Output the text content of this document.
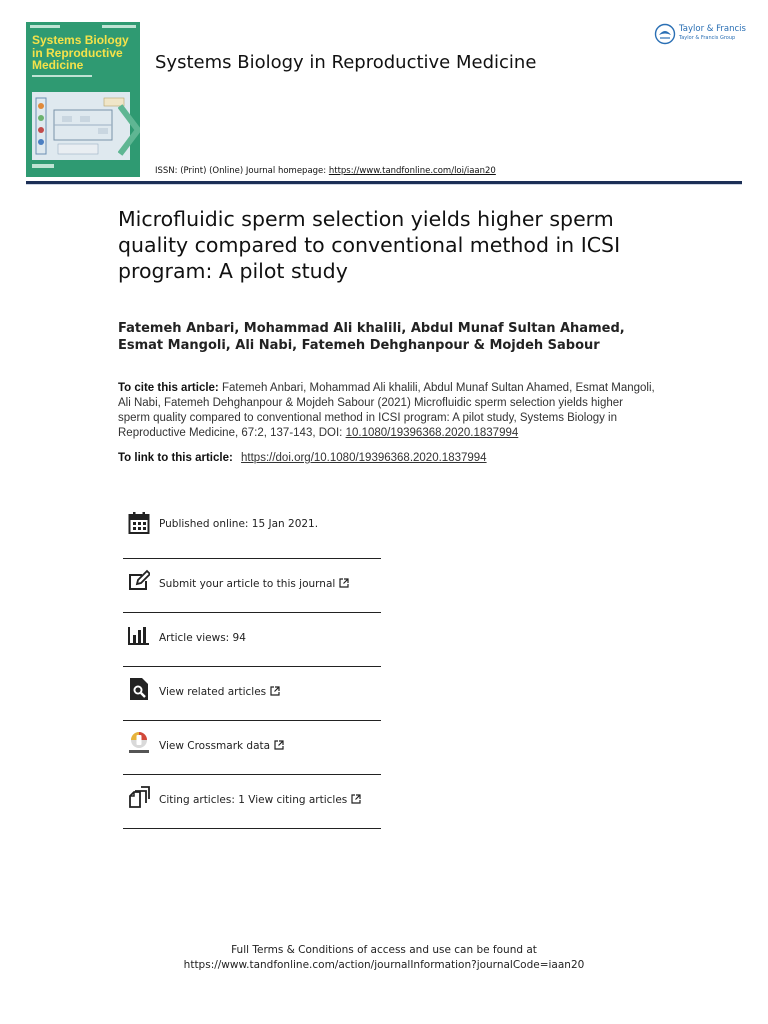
Systems Biology in Reproductive Medicine	Systems Biology in Reproductive Medicine
ISSN: (Print) (Online) Journal homepage: https://www.tandfonline.com/loi/iaan20
Taylor & Francis
Taylor & Francis Group
Microfluidic sperm selection yields higher sperm quality compared to conventional method in ICSI program: A pilot study
Fatemeh Anbari, Mohammad Ali khalili, Abdul Munaf Sultan Ahamed, Esmat Mangoli, Ali Nabi, Fatemeh Dehghanpour & Mojdeh Sabour
To cite this article: Fatemeh Anbari, Mohammad Ali khalili, Abdul Munaf Sultan Ahamed, Esmat Mangoli, Ali Nabi, Fatemeh Dehghanpour & Mojdeh Sabour (2021) Microfluidic sperm selection yields higher sperm quality compared to conventional method in ICSI program: A pilot study, Systems Biology in Reproductive Medicine, 67:2, 137-143, DOI: 10.1080/19396368.2020.1837994
To link to this article: https://doi.org/10.1080/19396368.2020.1837994
Published online: 15 Jan 2021.
Submit your article to this journal
Article views: 94
View related articles
View Crossmark data
Citing articles: 1 View citing articles
Full Terms & Conditions of access and use can be found at
https://www.tandfonline.com/action/journalInformation?journalCode=iaan20
